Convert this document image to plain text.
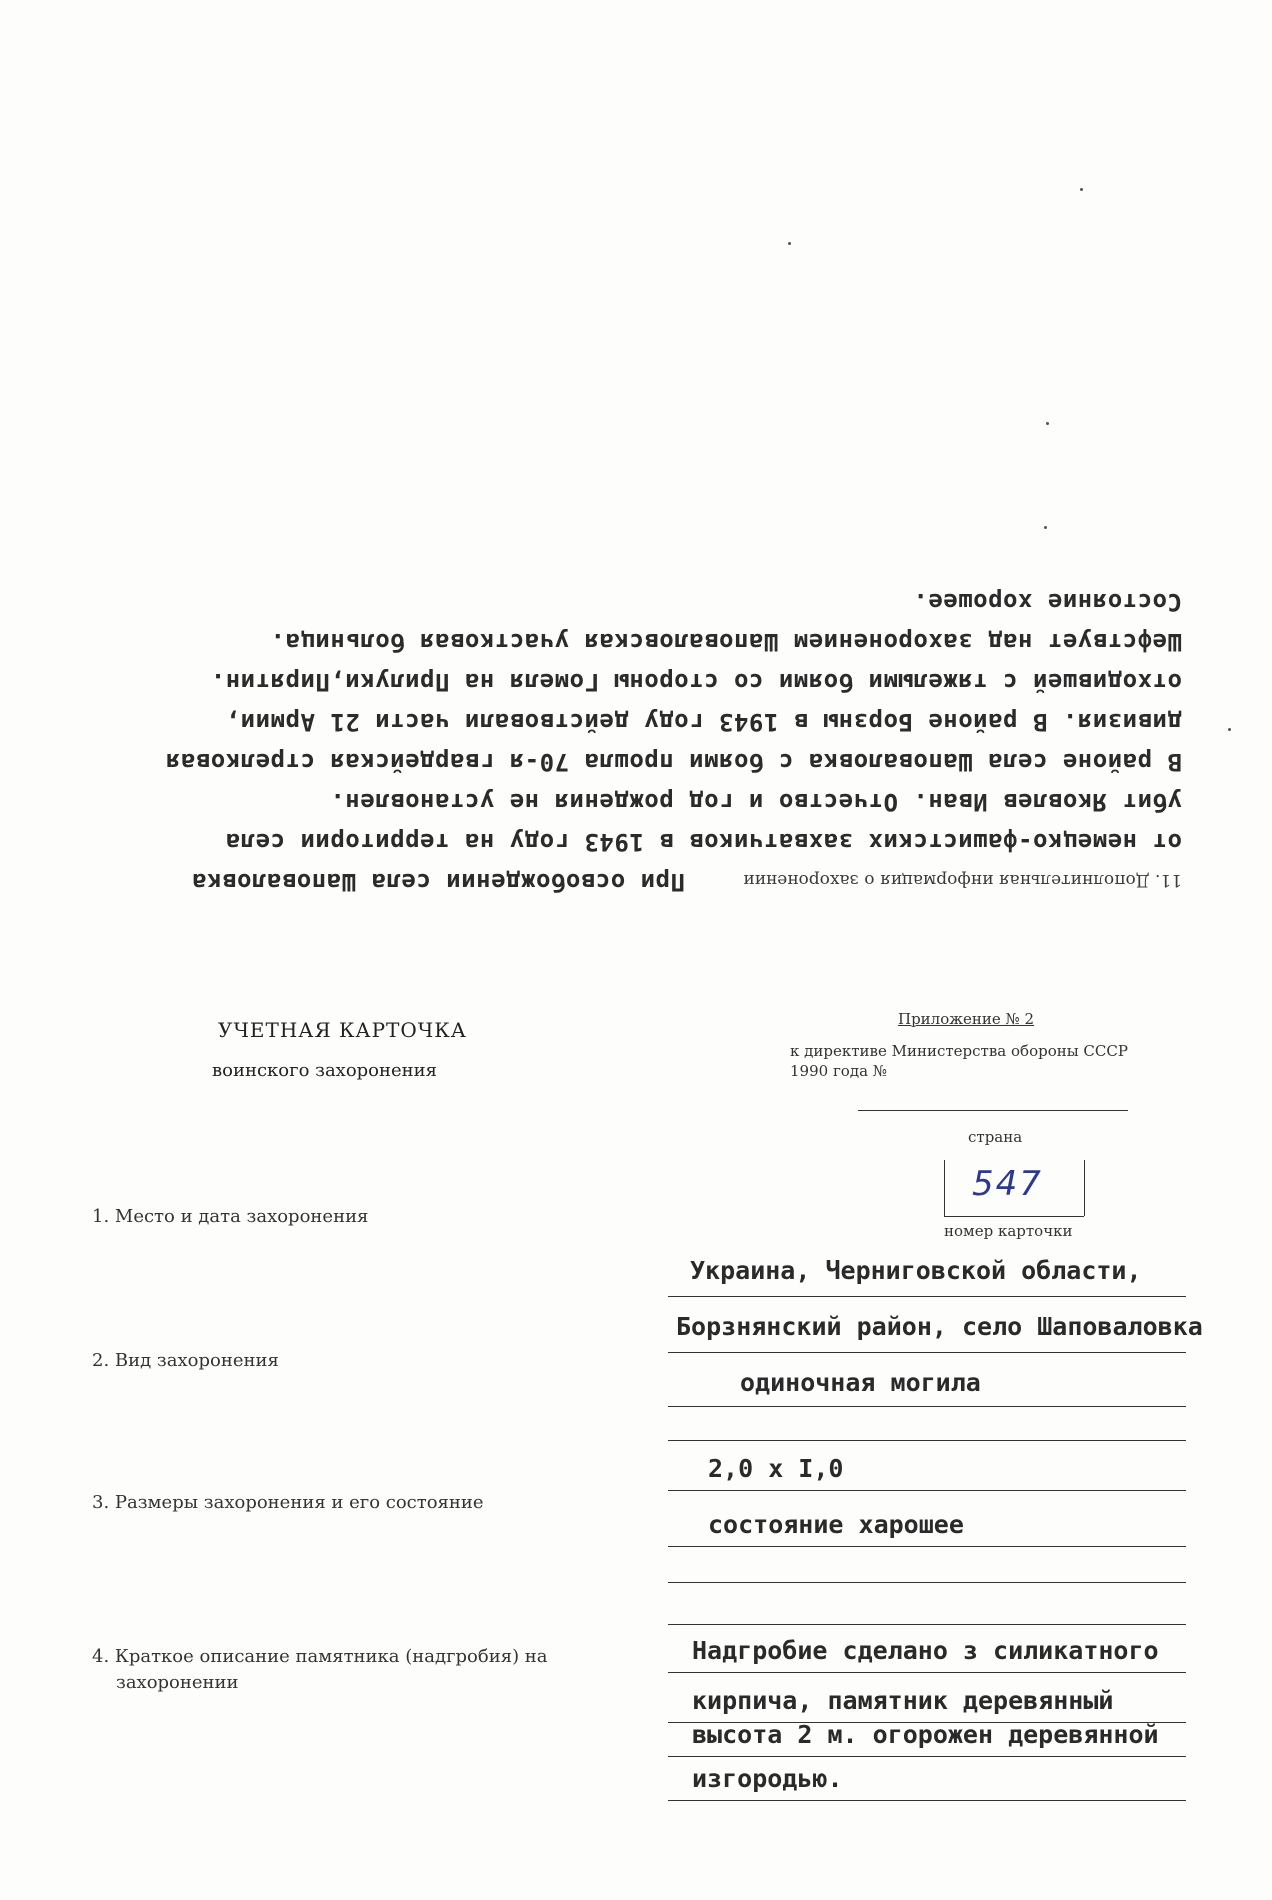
11. Дополнительная информация о захоронении
При освобождении села Шаповаловка
от немецко-фашистских захватчиков в 1943 году на территории села
убит Яковлев Иван. Отчество и год рождения не установлен.
В районе села Шаповаловка с боями прошла 70-я гвардейская стрелковая
дивизия. В районе Борзны в 1943 году действовали части 21 Армии,
отходившей с тяжелыми боями со стороны Гомеля на Прилуки,Пирятин.
Шефствует над захоронением Шаповаловская участковая больница.
Состояние хорошее.
УЧЕТНАЯ КАРТОЧКА
воинского захоронения
Приложение № 2
к директиве Министерства обороны СССР
1990 года №
страна
547
номер карточки
1. Место и дата захоронения
Украина, Черниговской области,
Борзнянский район, село Шаповаловка
2. Вид захоронения
одиночная могила
2,0 х I,0
3. Размеры захоронения и его состояние
состояние харошее
4. Краткое описание памятника (надгробия) на
захоронении
Надгробие сделано з силикатного
кирпича, памятник деревянный
высота 2 м. огорожен деревянной
изгородью.
